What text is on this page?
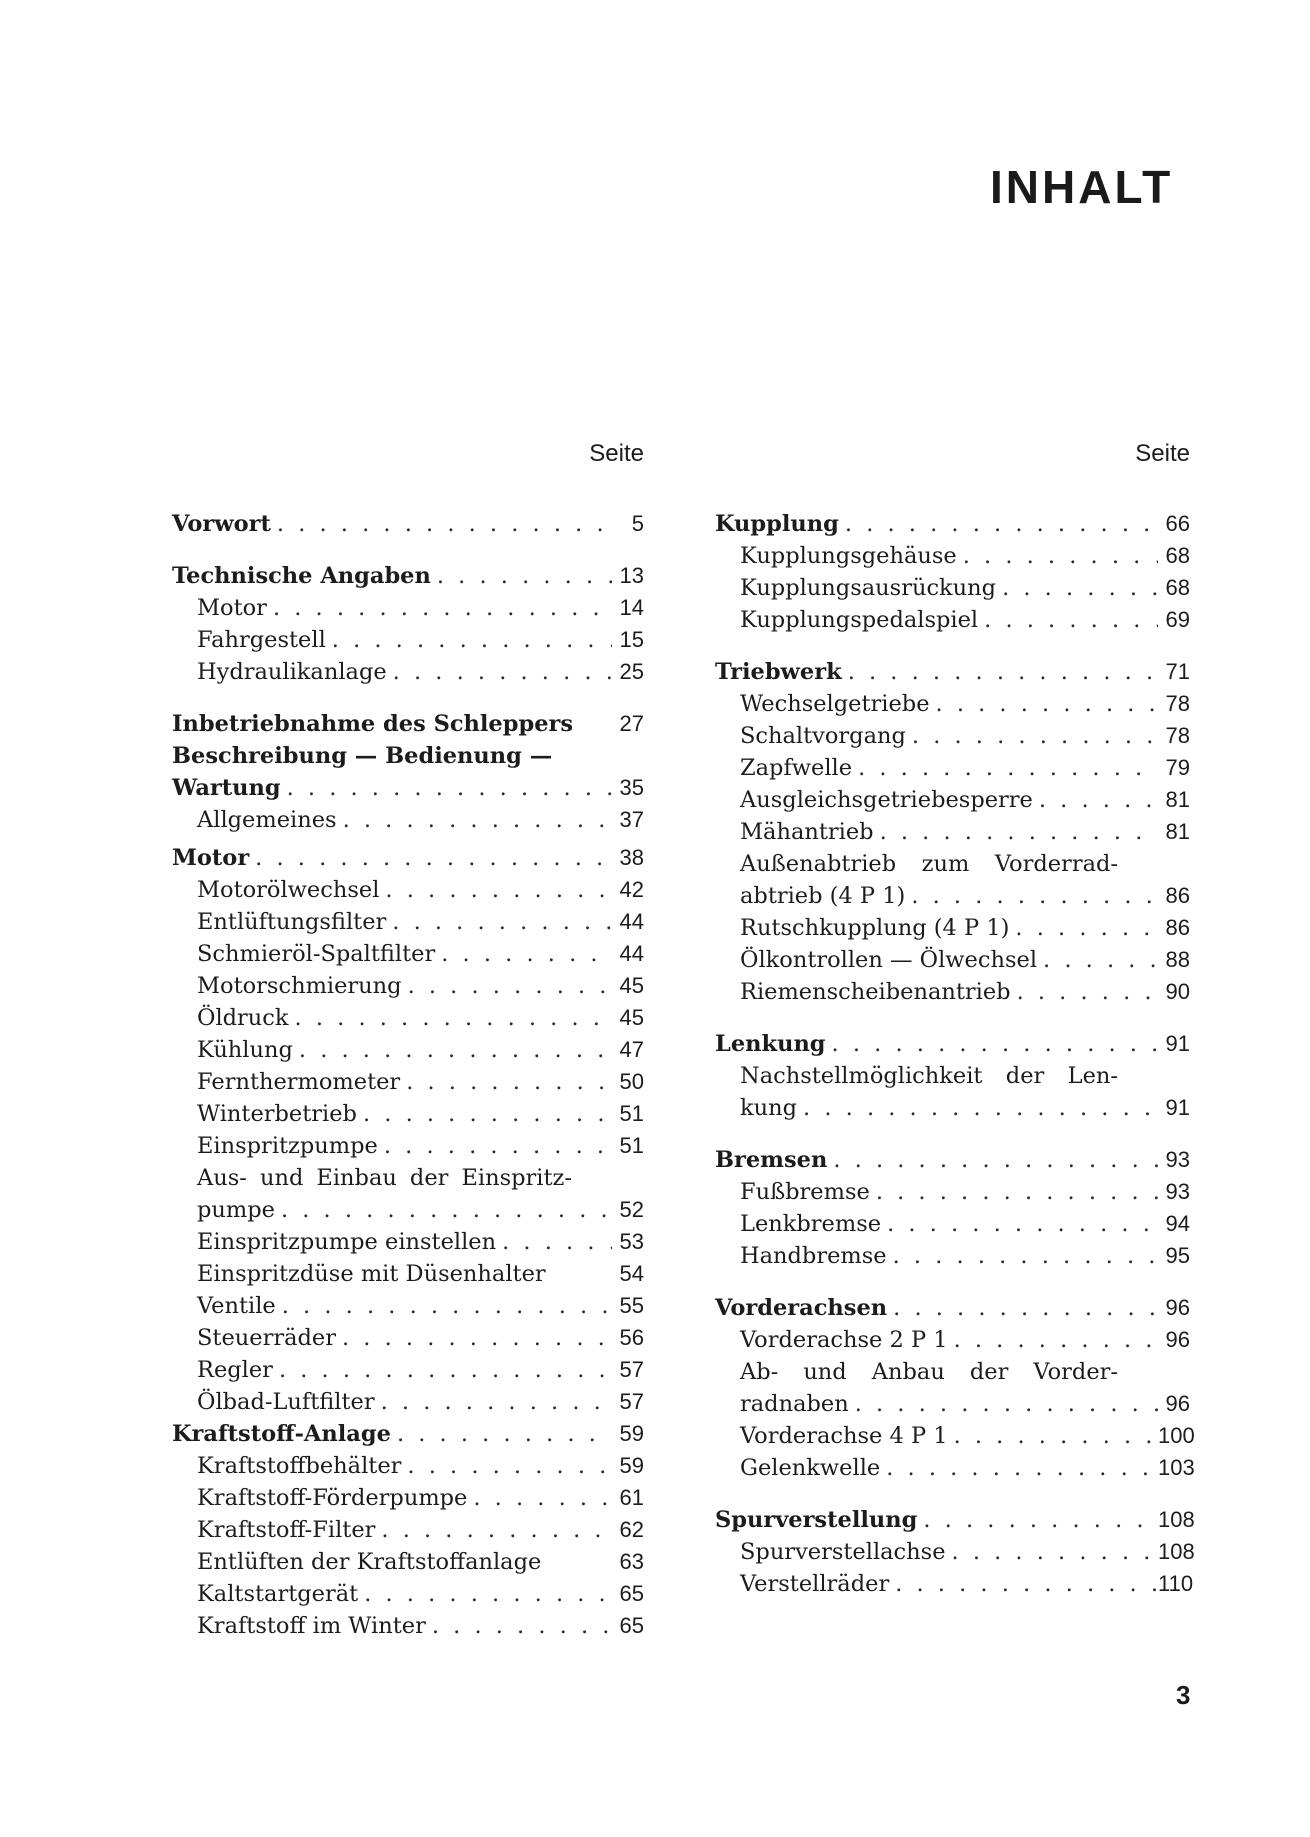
INHALT
Seite
Vorwort . . .	5
Technische Angaben . . .	13
Motor . . .	14
Fahrgestell . . .	15
Hydraulikanlage . . .	25
Inbetriebnahme des Schleppers	27
Beschreibung — Bedienung —
Wartung . . .	35
Allgemeines . . .	37
Motor . . .	38
Motorölwechsel . . .	42
Entlüftungsfilter . . .	44
Schmieröl-Spaltfilter . . .	44
Motorschmierung . . .	45
Öldruck . . .	45
Kühlung . . .	47
Fernthermometer . . .	50
Winterbetrieb . . .	51
Einspritzpumpe . . .	51
Aus- und Einbau der Einspritz-
pumpe . . .	52
Einspritzpumpe einstellen . . .	53
Einspritzdüse mit Düsenhalter	54
Ventile . . .	55
Steuerräder . . .	56
Regler . . .	57
Ölbad-Luftfilter . . .	57
Kraftstoff-Anlage . . .	59
Kraftstoffbehälter . . .	59
Kraftstoff-Förderpumpe . . .	61
Kraftstoff-Filter . . .	62
Entlüften der Kraftstoffanlage	63
Kaltstartgerät . . .	65
Kraftstoff im Winter . . .	65
Seite
Kupplung . . .	66
Kupplungsgehäuse . . .	68
Kupplungsausrückung . . .	68
Kupplungspedalspiel . . .	69
Triebwerk . . .	71
Wechselgetriebe . . .	78
Schaltvorgang . . .	78
Zapfwelle . . .	79
Ausgleichsgetriebesperre . . .	81
Mähantrieb . . .	81
Außenabtrieb zum Vorderrad-
abtrieb (4 P 1) . . .	86
Rutschkupplung (4 P 1) . . .	86
Ölkontrollen — Ölwechsel . . .	88
Riemenscheibenantrieb . . .	90
Lenkung . . .	91
Nachstellmöglichkeit der Len-
kung . . .	91
Bremsen . . .	93
Fußbremse . . .	93
Lenkbremse . . .	94
Handbremse . . .	95
Vorderachsen . . .	96
Vorderachse 2 P 1 . . .	96
Ab- und Anbau der Vorder-
radnaben . . .	96
Vorderachse 4 P 1 . . .	100
Gelenkwelle . . .	103
Spurverstellung . . .	108
Spurverstellachse . . .	108
Verstellräder . . .	110
3
